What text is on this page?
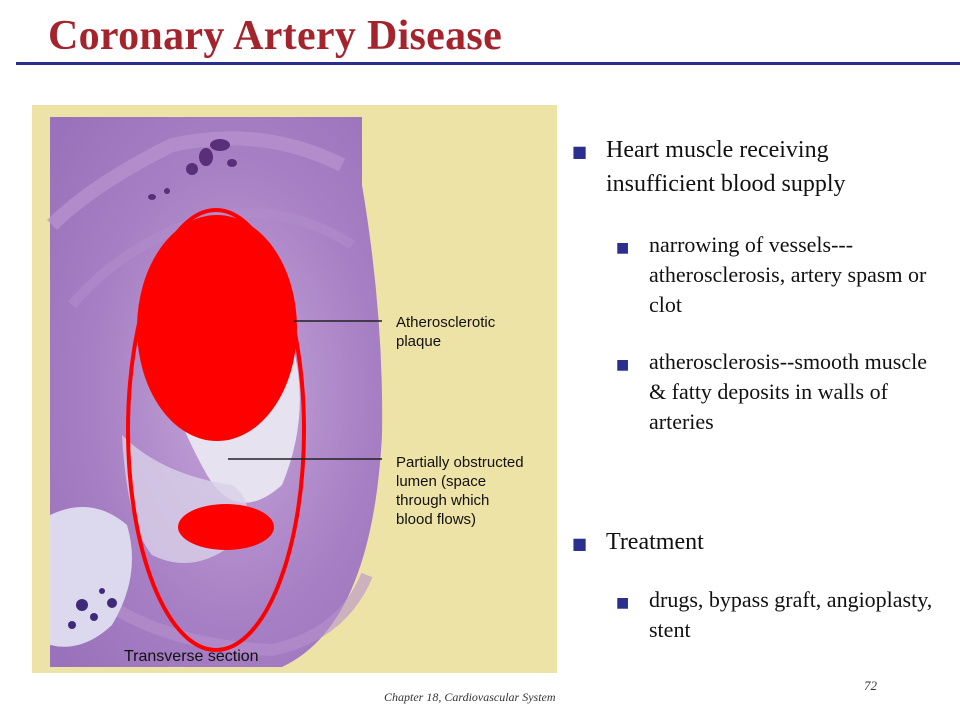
Coronary Artery Disease
Atherosclerotic
plaque
Partially obstructed
lumen (space
through which
blood flows)
Transverse section
■ Heart muscle receiving insufficient blood supply
■ narrowing of vessels---atherosclerosis, artery spasm or clot
■ atherosclerosis--smooth muscle & fatty deposits in walls of arteries
■ Treatment
■ drugs, bypass graft, angioplasty, stent
Chapter 18, Cardiovascular System
72
